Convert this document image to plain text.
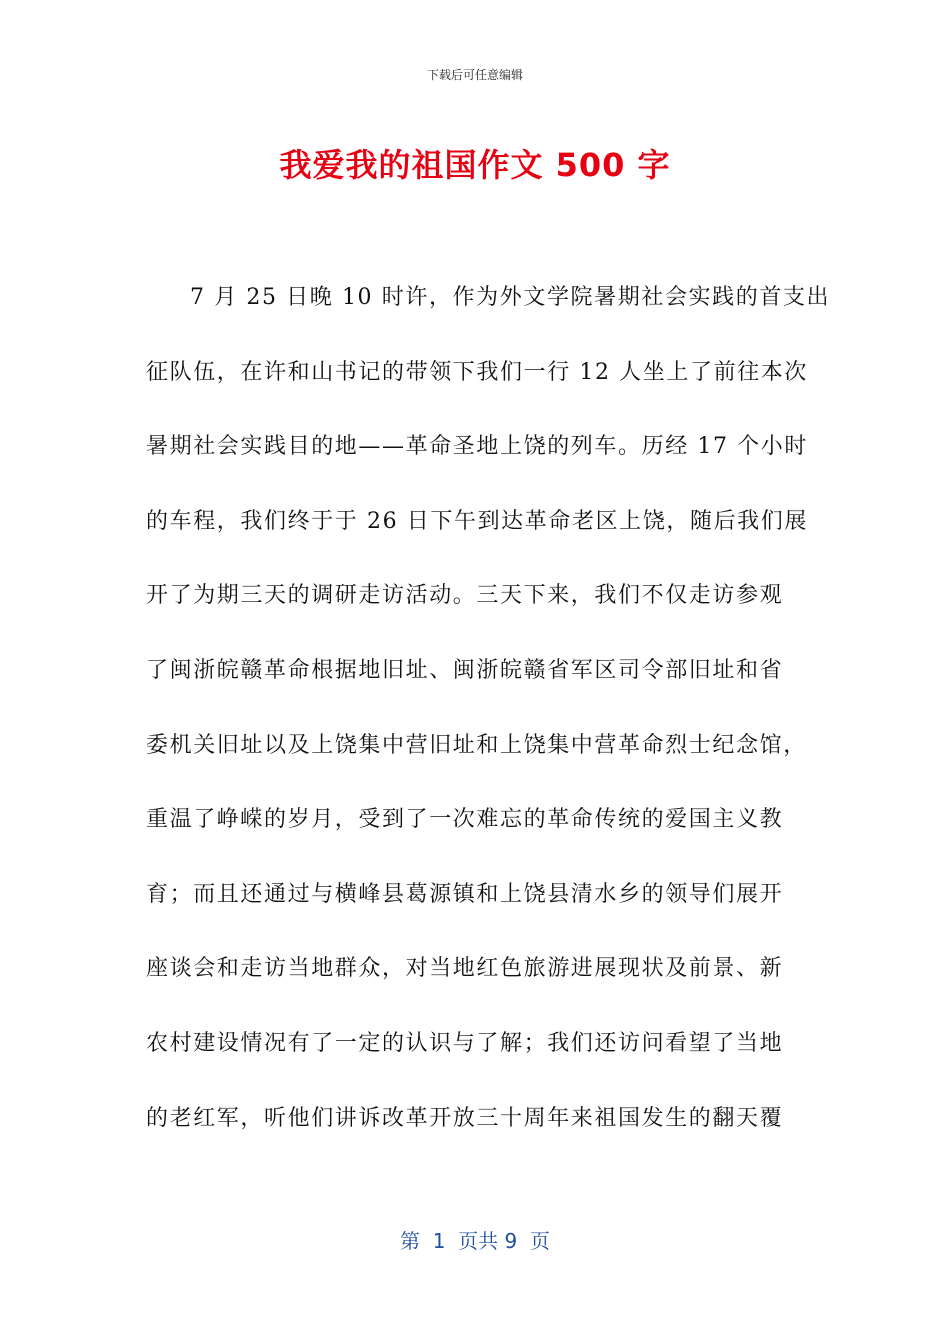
下载后可任意编辑
我爱我的祖国作文 500 字
7 月 25 日晚 10 时许，作为外文学院暑期社会实践的首支出
征队伍，在许和山书记的带领下我们一行 12 人坐上了前往本次
暑期社会实践目的地——革命圣地上饶的列车。历经 17 个小时
的车程，我们终于于 26 日下午到达革命老区上饶，随后我们展
开了为期三天的调研走访活动。三天下来，我们不仅走访参观
了闽浙皖赣革命根据地旧址、闽浙皖赣省军区司令部旧址和省
委机关旧址以及上饶集中营旧址和上饶集中营革命烈士纪念馆，
重温了峥嵘的岁月，受到了一次难忘的革命传统的爱国主义教
育；而且还通过与横峰县葛源镇和上饶县清水乡的领导们展开
座谈会和走访当地群众，对当地红色旅游进展现状及前景、新
农村建设情况有了一定的认识与了解；我们还访问看望了当地
的老红军，听他们讲诉改革开放三十周年来祖国发生的翻天覆
第  1  页共 9  页
